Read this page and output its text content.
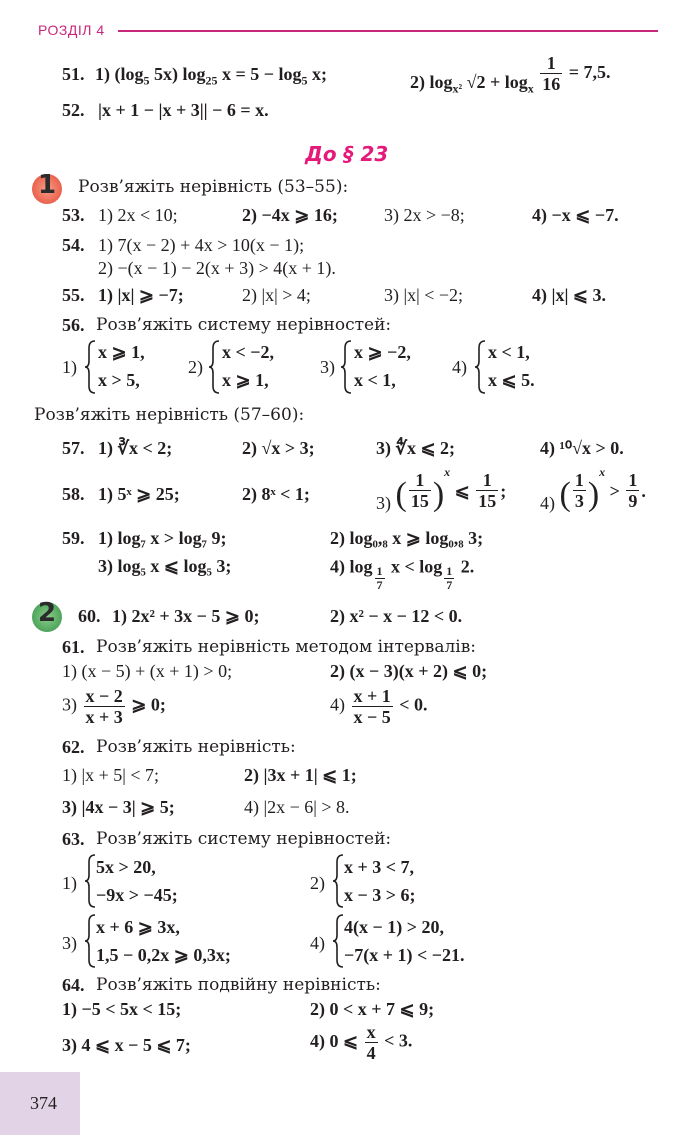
РОЗДІЛ 4
51. 1) ($\log_5$ 5x) $\log_{25} x = 5 - \log_5 x$;	2) $\log_{x^2} √2 + \log_x \frac{1}{16} = 7,5$.
52. |x + 1 − |x + 3|| − 6 = x.
До § 23
1 Розв’яжіть нерівність (53–55):
53. 1) 2x < 10;	2) −4x ⩾ 16;	3) 2x > −8;	4) −x ⩽ −7.
54. 1) 7(x − 2) + 4x > 10(x − 1);
2) −(x − 1) − 2(x + 3) > 4(x + 1).
55. 1) |x| ⩾ −7;	2) |x| > 4;	3) |x| < −2;	4) |x| ⩽ 3.
56. Розв’яжіть систему нерівностей:
1)
x ⩾ 1,
x > 5,
2)
x < −2,
x ⩾ 1,
3)
x ⩾ −2,
x < 1,
4)
x < 1,
x ⩽ 5.
Розв’яжіть нерівність (57–60):
57. 1) ∛x < 2;	2) √x > 3;	3) ∜x ⩽ 2;	4) ¹⁰√x > 0.
58. 1) 5ˣ ⩾ 25;	2) 8ˣ < 1;	3) ( $\frac{1}{15} )^x$ ⩽ $\frac{1}{15}$ ;
4) ( $\frac{1}{3} )^x > \frac{1}{9}$ .
59. 1) log₇ x > log₇ 9;	2) log₀,₈ x ⩾ log₀,₈ 3;
3) log₅ x ⩽ log₅ 3;	4) $\log \frac{1}{7}$ $x < \log \frac{1}{7} 2$.
2 60. 1) 2x² + 3x − 5 ⩾ 0;	2) x² − x − 12 < 0.
61. Розв’яжіть нерівність методом інтервалів:
1) (x − 5) + (x + 1) > 0;	2) (x − 3)(x + 2) ⩽ 0;
$3) \frac{x - 2}{x + 3}$ ⩾ 0;	$4) \frac{x + 1}{x - 5} < 0$.
62. Розв’яжіть нерівність:
1) |x + 5| < 7;	2) |3x + 1| ⩽ 1;
3) |4x − 3| ⩾ 5;	4) |2x − 6| > 8.
63. Розв’яжіть систему нерівностей:
1)
5x > 20,
−9x > −45;
2)
x + 3 < 7,
x − 3 > 6;
3)
x + 6 ⩾ 3x,
1,5 − 0,2x ⩾ 0,3x;
4)
4(x − 1) > 20,
−7(x + 1) < −21.
64. Розв’яжіть подвійну нерівність:
1) −5 < 5x < 15;	2) 0 < x + 7 ⩽ 9;
3) 4 ⩽ x − 5 ⩽ 7;	4) 0 ⩽ $\frac{x}{4} < 3$.
374
